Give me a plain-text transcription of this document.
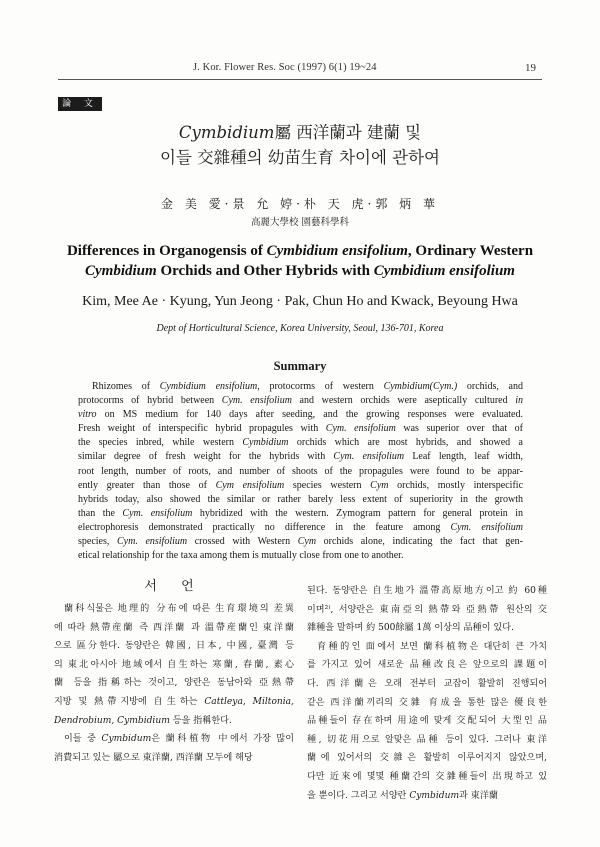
J. Kor. Flower Res. Soc (1997) 6(1) 19~24	19
論 文
Cymbidium屬 西洋蘭과 建蘭 및
이들 交雜種의 幼苗生育 차이에 관하여
金 美 愛·景 允 婷·朴 天 虎·郭 炳 華
高麗大學校 園藝科學科
Differences in Organogensis of Cymbidium ensifolium, Ordinary Western
Cymbidium Orchids and Other Hybrids with Cymbidium ensifolium
Kim, Mee Ae · Kyung, Yun Jeong · Pak, Chun Ho and Kwack, Beyoung Hwa
Dept of Horticultural Science, Korea University, Seoul, 136-701, Korea
Summary
Rhizomes of Cymbidium ensifolium, protocorms of western Cymbidium(Cym.) orchids, and
protocorms of hybrid between Cym. ensifolium and western orchids were aseptically cultured in
vitro on MS medium for 140 days after seeding, and the growing responses were evaluated.
Fresh weight of interspecific hybrid propagules with Cym. ensifolium was superior over that of
the species inbred, while western Cymbidium orchids which are most hybrids, and showed a
similar degree of fresh weight for the hybrids with Cym. ensifolium Leaf length, leaf width,
root length, number of roots, and number of shoots of the propagules were found to be appar-
ently greater than those of Cym ensifolium species western Cym orchids, mostly interspecific
hybrids today, also showed the similar or rather barely less extent of superiority in the growth
than the Cym. ensifolium hybridized with the western. Zymogram pattern for general protein in
electrophoresis demonstrated practically no difference in the feature among Cym. ensifolium
species, Cym. ensifolium crossed with Western Cym orchids alone, indicating the fact that gen-
etical relationship for the taxa among them is mutually close from one to another.
蘭科식물은 地理的 分布에 따른 生育環境의 差異
에 따라 熱帶産蘭 즉 西洋蘭 과 溫帶産蘭인 東洋蘭
으로 區分한다. 동양란은 韓國, 日本, 中國, 臺灣 등
의 東北아시아 地域에서 自生하는 寒蘭, 春蘭, 素心
蘭 등을 指稱하는 것이고, 양란은 동남아와 亞熱帶
지방 및 熱帶지방에 自生하는 Cattleya, Miltonia,
Dendrobium, Cymbidium 등을 指稱한다.
이들 중 Cymbidum은 蘭科植物 中에서 가장 많이
消費되고 있는 屬으로 東洋蘭, 西洋蘭 모두에 해당
된다. 동양란은 自生地가 溫帶高原地方이고 約 60種
이며²⁾, 서양란은 東南亞의 熱帶와 亞熱帶 원산의 交
雜種을 말하며 約 500餘屬 1萬 이상의 品種이 있다.
育種的인 面에서 보면 蘭科植物은 대단히 큰 가치
를 가지고 있어 새로운 品種改良은 앞으로의 課題이
다. 西洋蘭은 오래 전부터 교잡이 활발히 진행되어
같은 西洋蘭끼리의 交雜 育成을 통한 많은 優良한
品種들이 存在하며 用途에 맞게 交配되어 大型인 品
種, 切花用으로 알맞은 品種 등이 있다. 그러나 東洋
蘭에 있어서의 交雜은 활발히 이루어지지 않았으며,
다만 近來에 몇몇 種蘭간의 交雜種들이 出現하고 있
을 뿐이다. 그리고 서양란 Cymbidum과 東洋蘭
서 언
